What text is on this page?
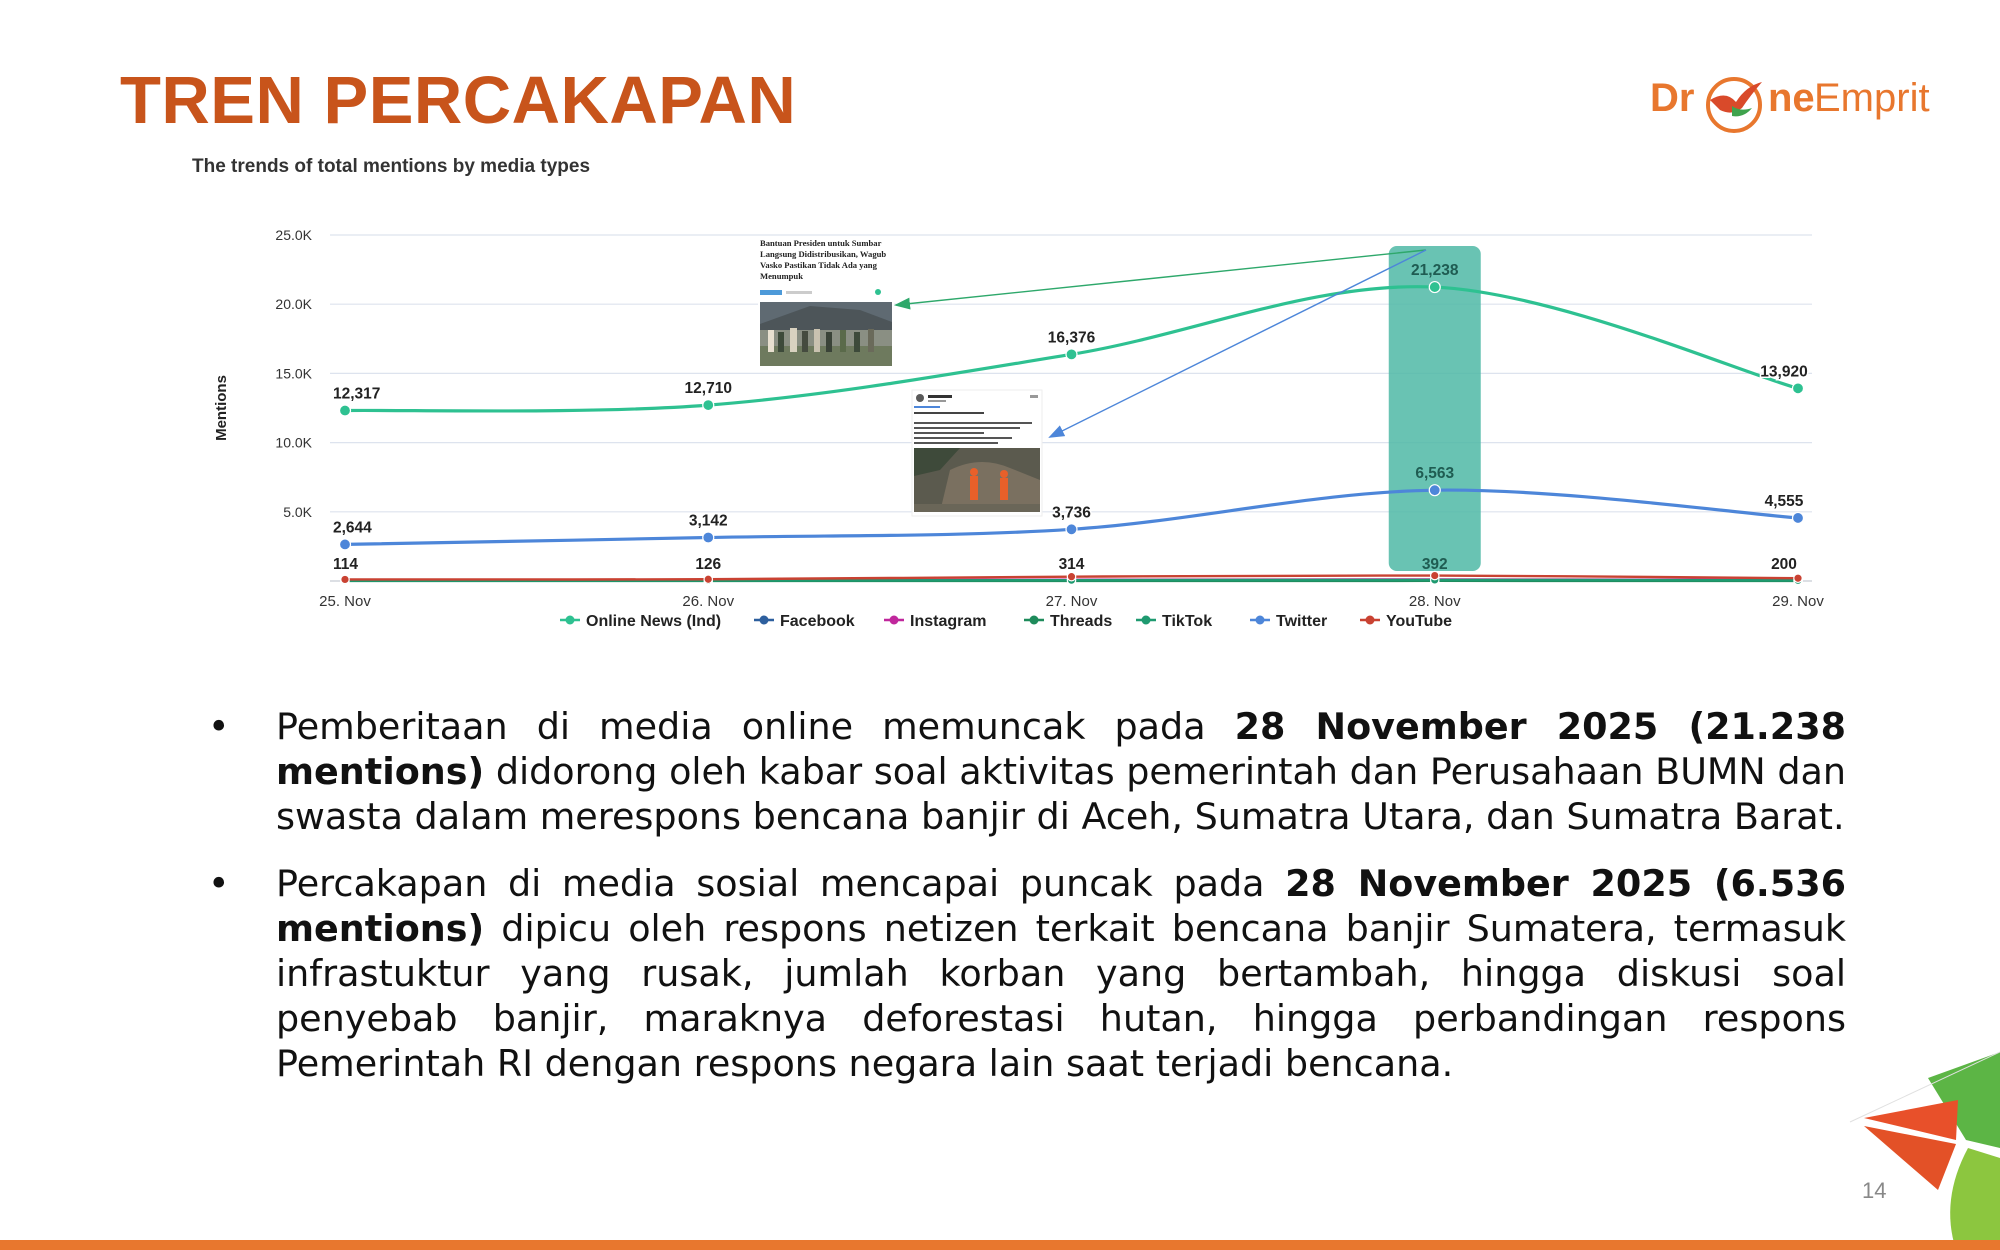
TREN PERCAKAPAN	Dr ne Emprit
The trends of total mentions by media types
12,317	12,710
16,376
21,238
13,920
2,644	3,142	3,736
6,563
4,555
114	126	314	392	200
5.0K
10.0K
15.0K
20.0K
25.0K
25. Nov	26. Nov	27. Nov	28. Nov	29. Nov
Mentions
Bantuan Presiden untuk Sumbar Langsung Didistribusikan, Wagub Vasko Pastikan Tidak Ada yang Menumpuk
Online News (Ind)	Facebook	Instagram	Threads	TikTok	Twitter	YouTube
• Pemberitaan di media online memuncak pada 28 November 2025 (21.238 mentions) didorong oleh kabar soal aktivitas pemerintah dan Perusahaan BUMN dan swasta dalam merespons bencana banjir di Aceh, Sumatra Utara, dan Sumatra Barat.
• Percakapan di media sosial mencapai puncak pada 28 November 2025 (6.536 mentions) dipicu oleh respons netizen terkait bencana banjir Sumatera, termasuk infrastuktur yang rusak, jumlah korban yang bertambah, hingga diskusi soal penyebab banjir, maraknya deforestasi hutan, hingga perbandingan respons Pemerintah RI dengan respons negara lain saat terjadi bencana.
14
